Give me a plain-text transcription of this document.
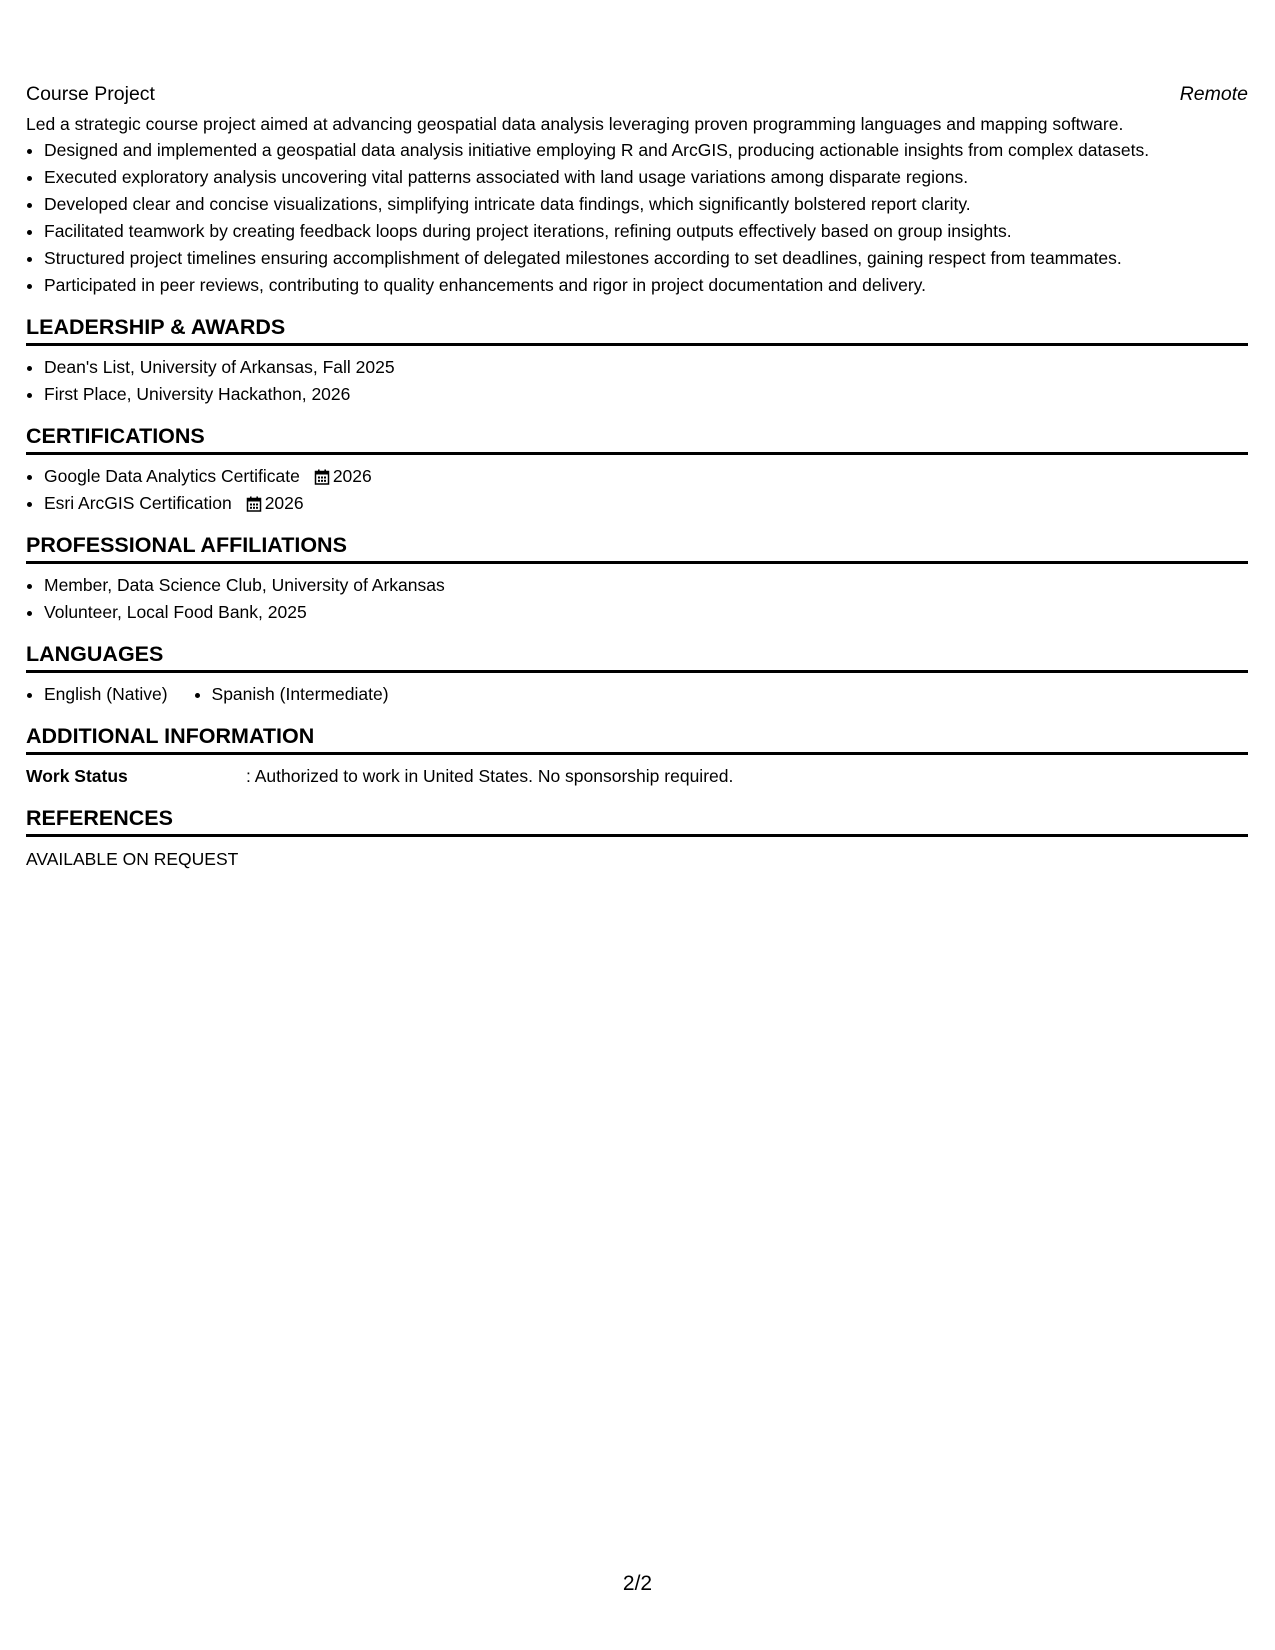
Course Project	Remote

Led a strategic course project aimed at advancing geospatial data analysis leveraging proven programming languages and mapping software.

• Designed and implemented a geospatial data analysis initiative employing R and ArcGIS, producing actionable insights from complex datasets.
• Executed exploratory analysis uncovering vital patterns associated with land usage variations among disparate regions.
• Developed clear and concise visualizations, simplifying intricate data findings, which significantly bolstered report clarity.
• Facilitated teamwork by creating feedback loops during project iterations, refining outputs effectively based on group insights.
• Structured project timelines ensuring accomplishment of delegated milestones according to set deadlines, gaining respect from teammates.
• Participated in peer reviews, contributing to quality enhancements and rigor in project documentation and delivery.
LEADERSHIP & AWARDS
• Dean's List, University of Arkansas, Fall 2025
• First Place, University Hackathon, 2026
CERTIFICATIONS
• Google Data Analytics Certificate 2026
• Esri ArcGIS Certification 2026
PROFESSIONAL AFFILIATIONS
• Member, Data Science Club, University of Arkansas
• Volunteer, Local Food Bank, 2025
LANGUAGES
• English (Native)
•	Spanish (Intermediate)
ADDITIONAL INFORMATION
Work Status	: Authorized to work in United States. No sponsorship required.
REFERENCES
AVAILABLE ON REQUEST
2/2
